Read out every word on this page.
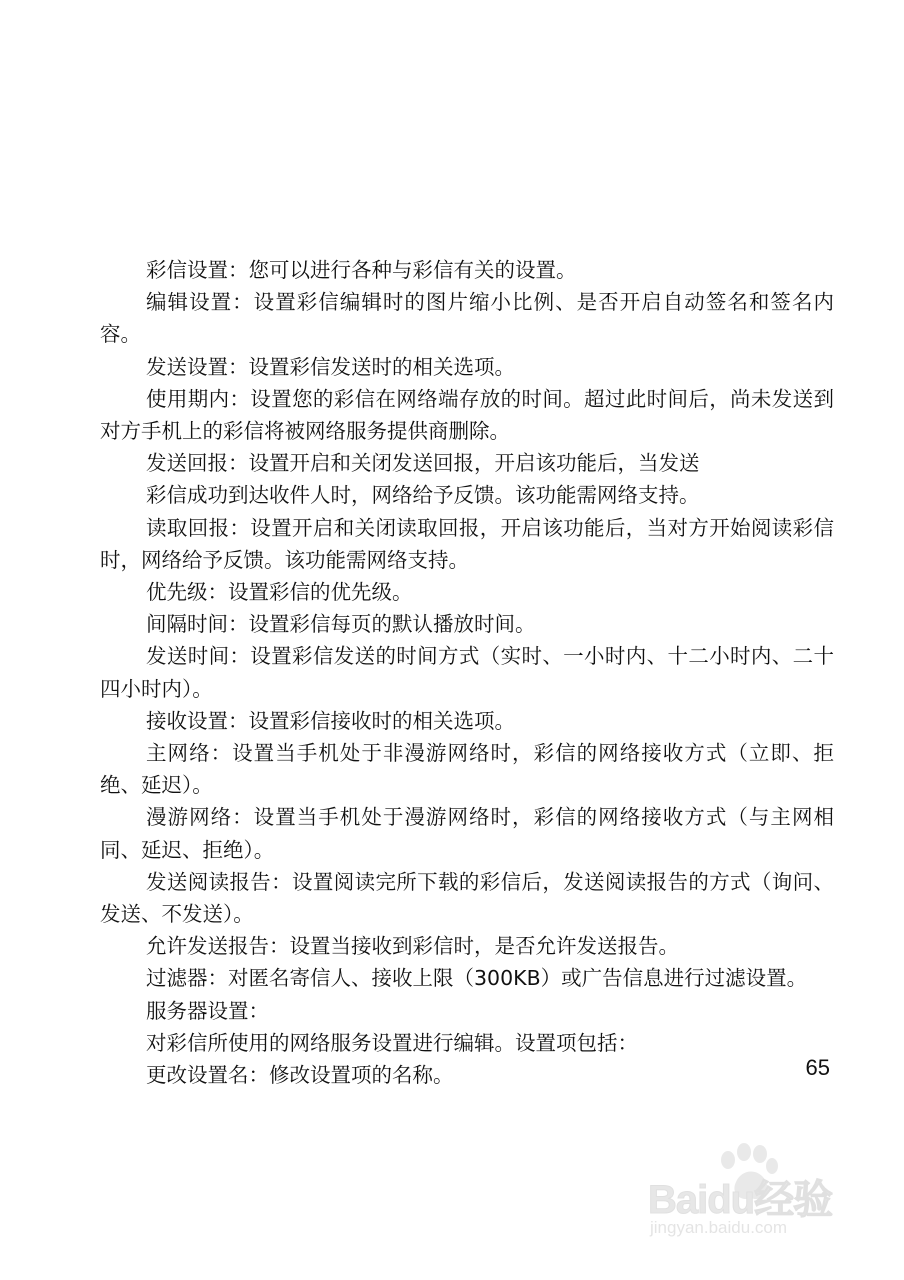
彩信设置：您可以进行各种与彩信有关的设置。

编辑设置：设置彩信编辑时的图片缩小比例、是否开启自动签名和签名内容。

发送设置：设置彩信发送时的相关选项。

使用期内：设置您的彩信在网络端存放的时间。超过此时间后，尚未发送到对方手机上的彩信将被网络服务提供商删除。

发送回报：设置开启和关闭发送回报，开启该功能后，当发送

彩信成功到达收件人时，网络给予反馈。该功能需网络支持。

读取回报：设置开启和关闭读取回报，开启该功能后，当对方开始阅读彩信时，网络给予反馈。该功能需网络支持。

优先级：设置彩信的优先级。

间隔时间：设置彩信每页的默认播放时间。

发送时间：设置彩信发送的时间方式（实时、一小时内、十二小时内、二十四小时内）。

接收设置：设置彩信接收时的相关选项。

主网络：设置当手机处于非漫游网络时，彩信的网络接收方式（立即、拒绝、延迟）。

漫游网络：设置当手机处于漫游网络时，彩信的网络接收方式（与主网相同、延迟、拒绝）。

发送阅读报告：设置阅读完所下载的彩信后，发送阅读报告的方式（询问、发送、不发送）。

允许发送报告：设置当接收到彩信时，是否允许发送报告。

过滤器：对匿名寄信人、接收上限（300KB）或广告信息进行过滤设置。

服务器设置：

对彩信所使用的网络服务设置进行编辑。设置项包括：

更改设置名：修改设置项的名称。	65
Baidu经验
jingyan.baidu.com
